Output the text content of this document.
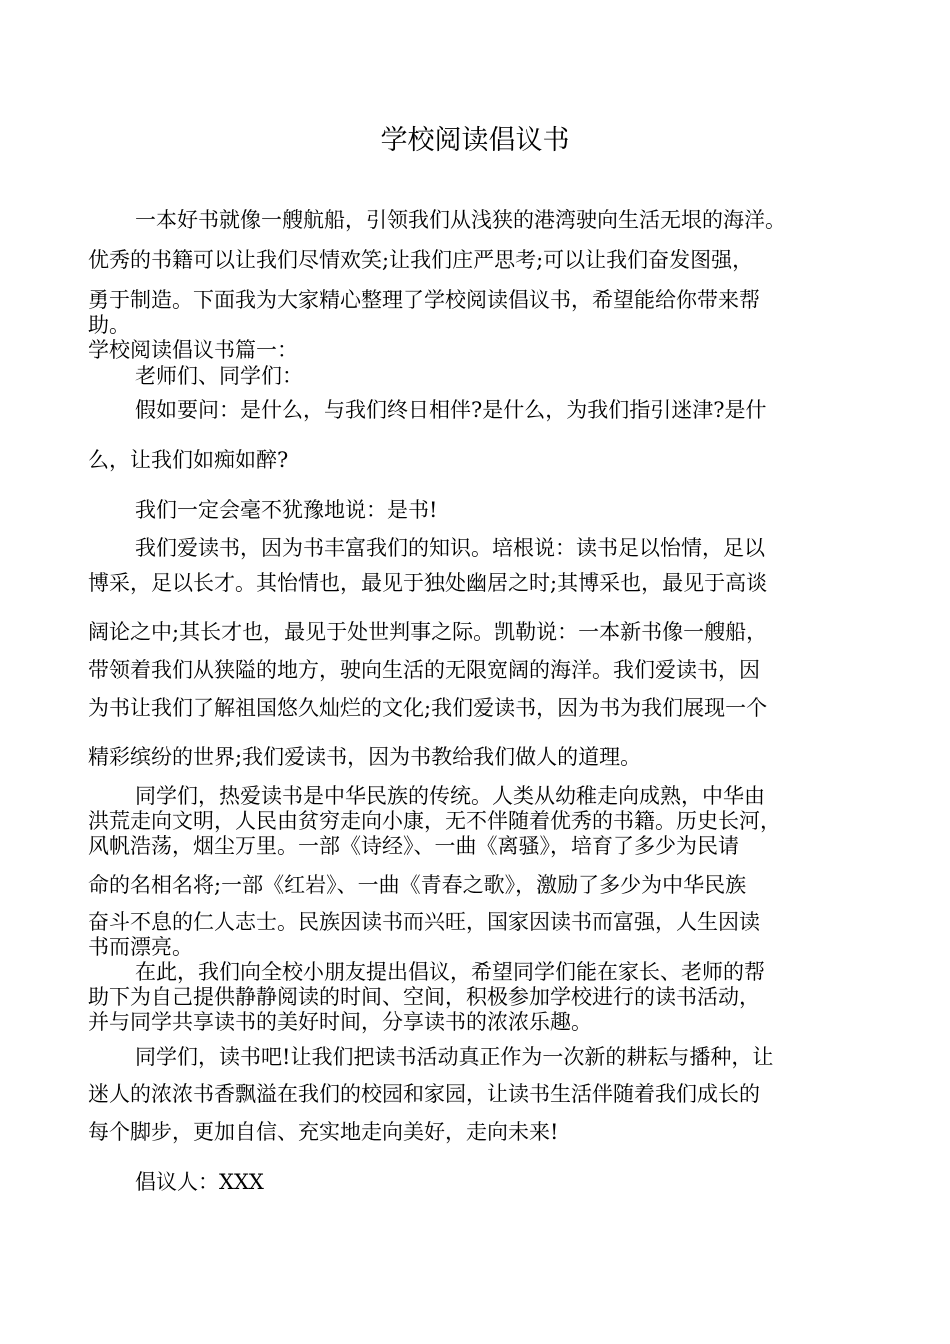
学校阅读倡议书
一本好书就像一艘航船，引领我们从浅狭的港湾驶向生活无垠的海洋。
优秀的书籍可以让我们尽情欢笑;让我们庄严思考;可以让我们奋发图强，
勇于制造。下面我为大家精心整理了学校阅读倡议书，希望能给你带来帮
助。
学校阅读倡议书篇一：
老师们、同学们：
假如要问：是什么，与我们终日相伴?是什么，为我们指引迷津?是什
么，让我们如痴如醉?
我们一定会毫不犹豫地说：是书!
我们爱读书，因为书丰富我们的知识。培根说：读书足以怡情，足以
博采，足以长才。其怡情也，最见于独处幽居之时;其博采也，最见于高谈
阔论之中;其长才也，最见于处世判事之际。凯勒说：一本新书像一艘船，
带领着我们从狭隘的地方，驶向生活的无限宽阔的海洋。我们爱读书，因
为书让我们了解祖国悠久灿烂的文化;我们爱读书，因为书为我们展现一个
精彩缤纷的世界;我们爱读书，因为书教给我们做人的道理。
同学们，热爱读书是中华民族的传统。人类从幼稚走向成熟，中华由
洪荒走向文明，人民由贫穷走向小康，无不伴随着优秀的书籍。历史长河，
风帆浩荡，烟尘万里。一部《诗经》、一曲《离骚》，培育了多少为民请
命的名相名将;一部《红岩》、一曲《青春之歌》，激励了多少为中华民族
奋斗不息的仁人志士。民族因读书而兴旺，国家因读书而富强，人生因读
书而漂亮。
在此，我们向全校小朋友提出倡议，希望同学们能在家长、老师的帮
助下为自己提供静静阅读的时间、空间，积极参加学校进行的读书活动，
并与同学共享读书的美好时间，分享读书的浓浓乐趣。
同学们，读书吧!让我们把读书活动真正作为一次新的耕耘与播种，让
迷人的浓浓书香飘溢在我们的校园和家园，让读书生活伴随着我们成长的
每个脚步，更加自信、充实地走向美好，走向未来!
倡议人：XXX
